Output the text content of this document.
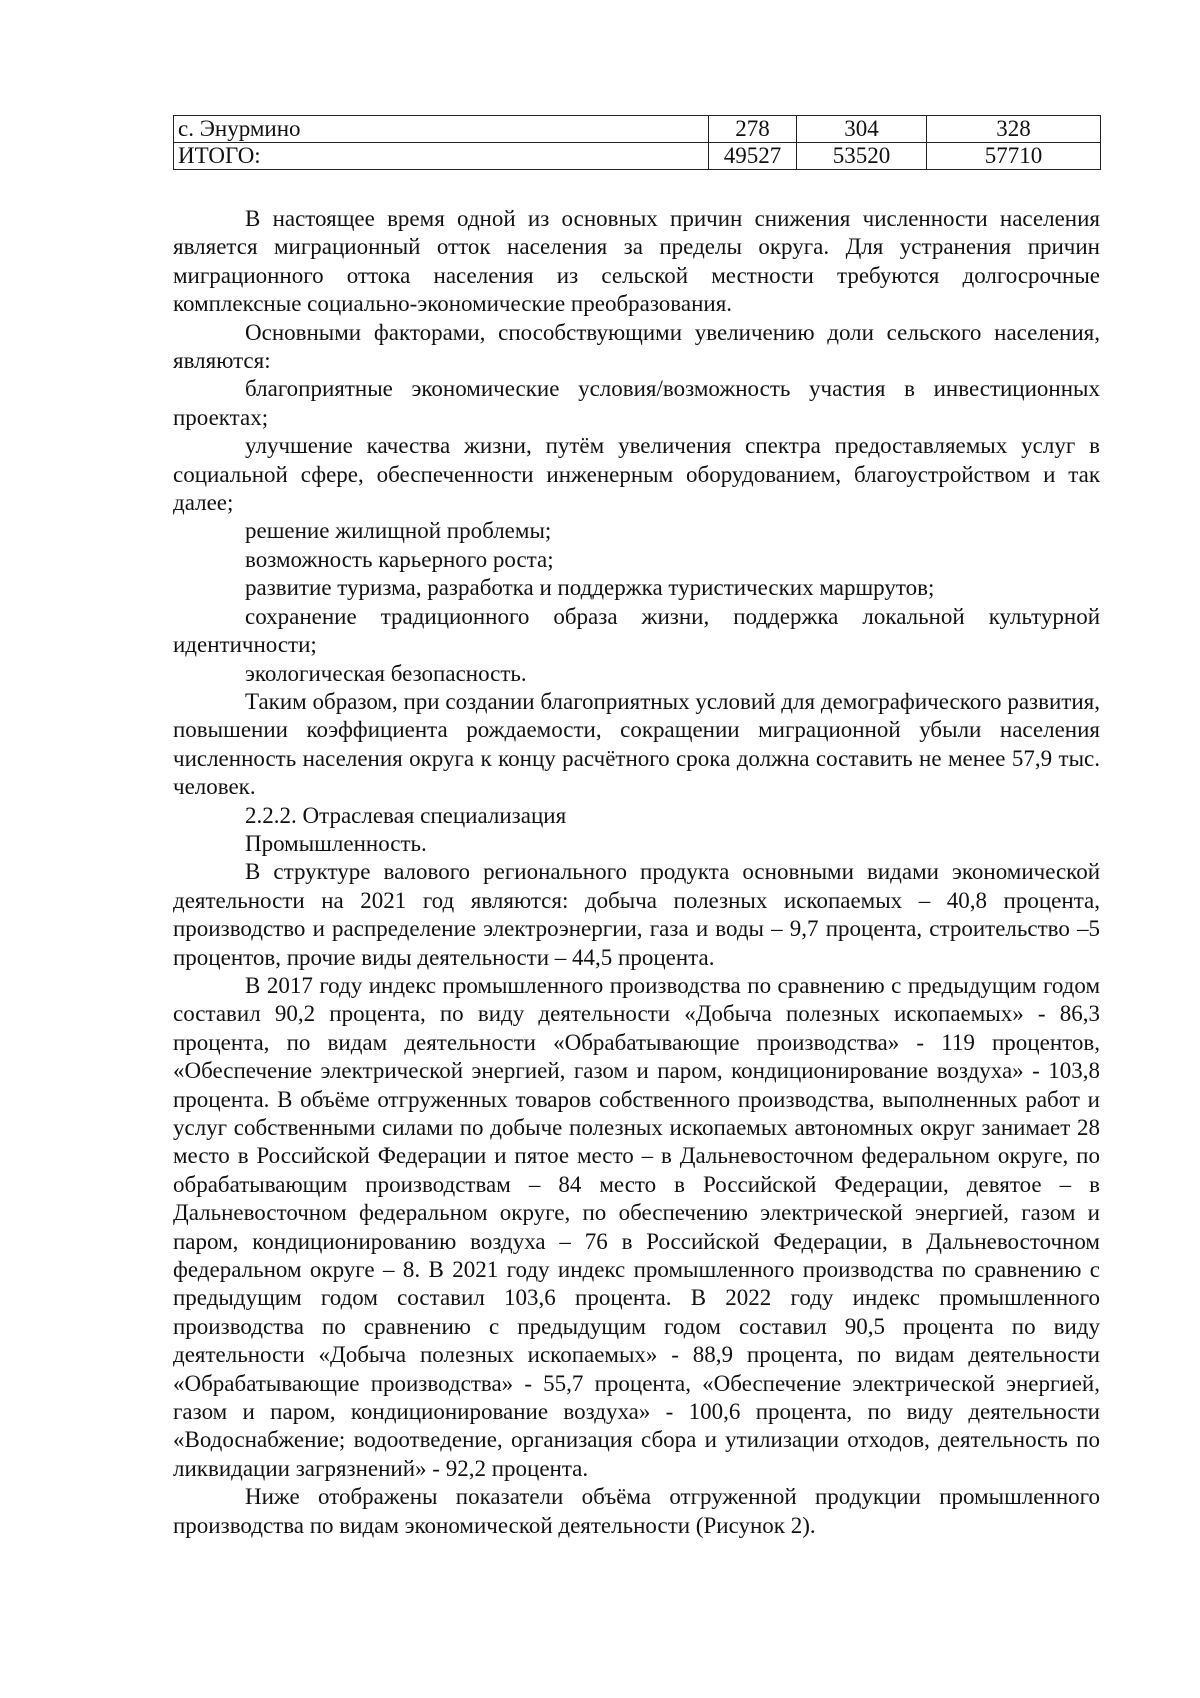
с. Энурмино	278	304	328
ИТОГО:	49527	53520	57710

В настоящее время одной из основных причин снижения численности населения является миграционный отток населения за пределы округа. Для устранения причин миграционного оттока населения из сельской местности требуются долгосрочные комплексные социально-экономические преобразования.

Основными факторами, способствующими увеличению доли сельского населения, являются:

благоприятные экономические условия/возможность участия в инвестиционных проектах;

улучшение качества жизни, путём увеличения спектра предоставляемых услуг в социальной сфере, обеспеченности инженерным оборудованием, благоустройством и так далее;

решение жилищной проблемы;

возможность карьерного роста;

развитие туризма, разработка и поддержка туристических маршрутов;

сохранение традиционного образа жизни, поддержка локальной культурной идентичности;

экологическая безопасность.

Таким образом, при создании благоприятных условий для демографического развития, повышении коэффициента рождаемости, сокращении миграционной убыли населения численность населения округа к концу расчётного срока должна составить не менее 57,9 тыс. человек.

2.2.2. Отраслевая специализация

Промышленность.

В структуре валового регионального продукта основными видами экономической деятельности на 2021 год являются: добыча полезных ископаемых – 40,8 процента, производство и распределение электроэнергии, газа и воды – 9,7 процента, строительство –5 процентов, прочие виды деятельности – 44,5 процента.

В 2017 году индекс промышленного производства по сравнению с предыдущим годом составил 90,2 процента, по виду деятельности «Добыча полезных ископаемых» - 86,3 процента, по видам деятельности «Обрабатывающие производства» - 119 процентов, «Обеспечение электрической энергией, газом и паром, кондиционирование воздуха» - 103,8 процента. В объёме отгруженных товаров собственного производства, выполненных работ и услуг собственными силами по добыче полезных ископаемых автономных округ занимает 28 место в Российской Федерации и пятое место – в Дальневосточном федеральном округе, по обрабатывающим производствам – 84 место в Российской Федерации, девятое – в Дальневосточном федеральном округе, по обеспечению электрической энергией, газом и паром, кондиционированию воздуха – 76 в Российской Федерации, в Дальневосточном федеральном округе – 8. В 2021 году индекс промышленного производства по сравнению с предыдущим годом составил 103,6 процента. В 2022 году индекс промышленного производства по сравнению с предыдущим годом составил 90,5 процента по виду деятельности «Добыча полезных ископаемых» - 88,9 процента, по видам деятельности «Обрабатывающие производства» - 55,7 процента, «Обеспечение электрической энергией, газом и паром, кондиционирование воздуха» - 100,6 процента, по виду деятельности «Водоснабжение; водоотведение, организация сбора и утилизации отходов, деятельность по ликвидации загрязнений» - 92,2 процента.

Ниже отображены показатели объёма отгруженной продукции промышленного производства по видам экономической деятельности (Рисунок 2).
